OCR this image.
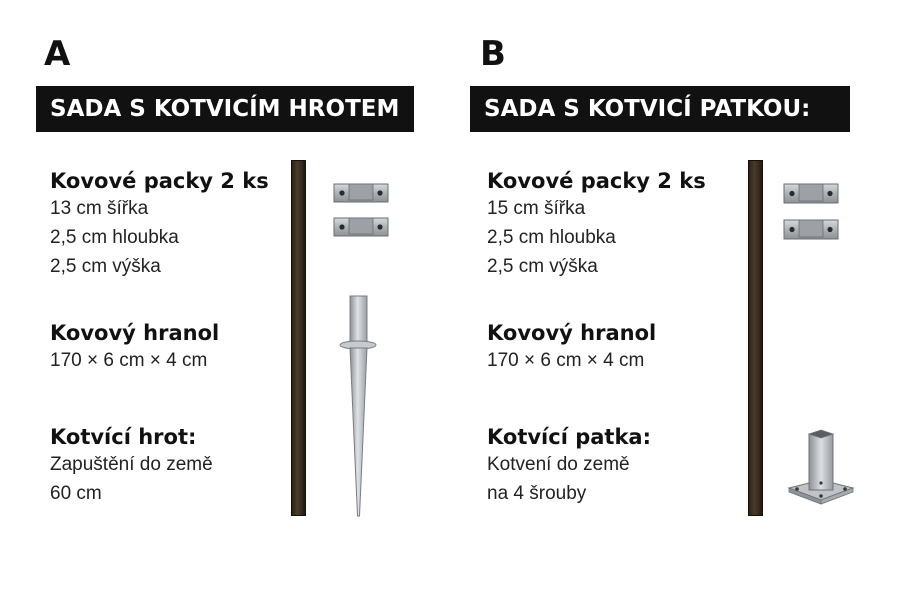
A
SADA S KOTVICÍM HROTEM
Kovové packy 2 ks
13 cm šířka
2,5 cm hloubka
2,5 cm výška
Kovový hranol
170 × 6 cm × 4 cm
Kotvící hrot:
Zapuštění do země
60 cm
B
SADA S KOTVICÍ PATKOU:
Kovové packy 2 ks
15 cm šířka
2,5 cm hloubka
2,5 cm výška
Kovový hranol
170 × 6 cm × 4 cm
Kotvící patka:
Kotvení do země
na 4 šrouby
